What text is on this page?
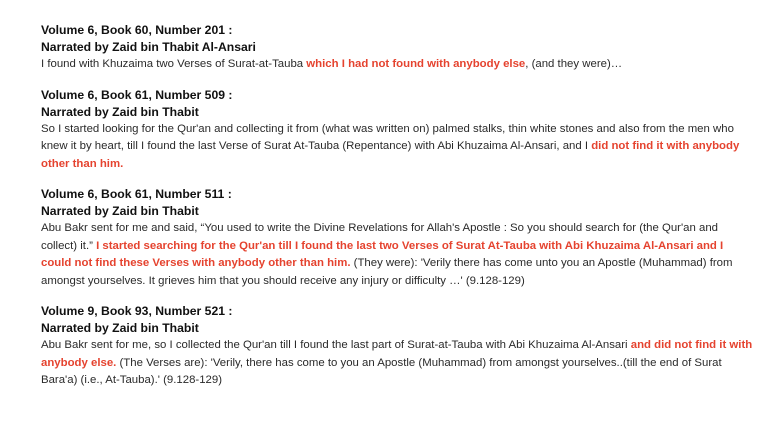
Volume 6, Book 60, Number 201 :
Narrated by Zaid bin Thabit Al-Ansari
I found with Khuzaima two Verses of Surat-at-Tauba which I had not found with anybody else, (and they were)…
Volume 6, Book 61, Number 509 :
Narrated by Zaid bin Thabit
So I started looking for the Qur'an and collecting it from (what was written on) palmed stalks, thin white stones and also from the men who knew it by heart, till I found the last Verse of Surat At-Tauba (Repentance) with Abi Khuzaima Al-Ansari, and I did not find it with anybody other than him.
Volume 6, Book 61, Number 511 :
Narrated by Zaid bin Thabit
Abu Bakr sent for me and said, “You used to write the Divine Revelations for Allah's Apostle : So you should search for (the Qur'an and collect) it.” I started searching for the Qur'an till I found the last two Verses of Surat At-Tauba with Abi Khuzaima Al-Ansari and I could not find these Verses with anybody other than him. (They were): 'Verily there has come unto you an Apostle (Muhammad) from amongst yourselves. It grieves him that you should receive any injury or difficulty …' (9.128-129)
Volume 9, Book 93, Number 521 :
Narrated by Zaid bin Thabit
Abu Bakr sent for me, so I collected the Qur'an till I found the last part of Surat-at-Tauba with Abi Khuzaima Al-Ansari and did not find it with anybody else. (The Verses are): 'Verily, there has come to you an Apostle (Muhammad) from amongst yourselves..(till the end of Surat Bara'a) (i.e., At-Tauba).' (9.128-129)
